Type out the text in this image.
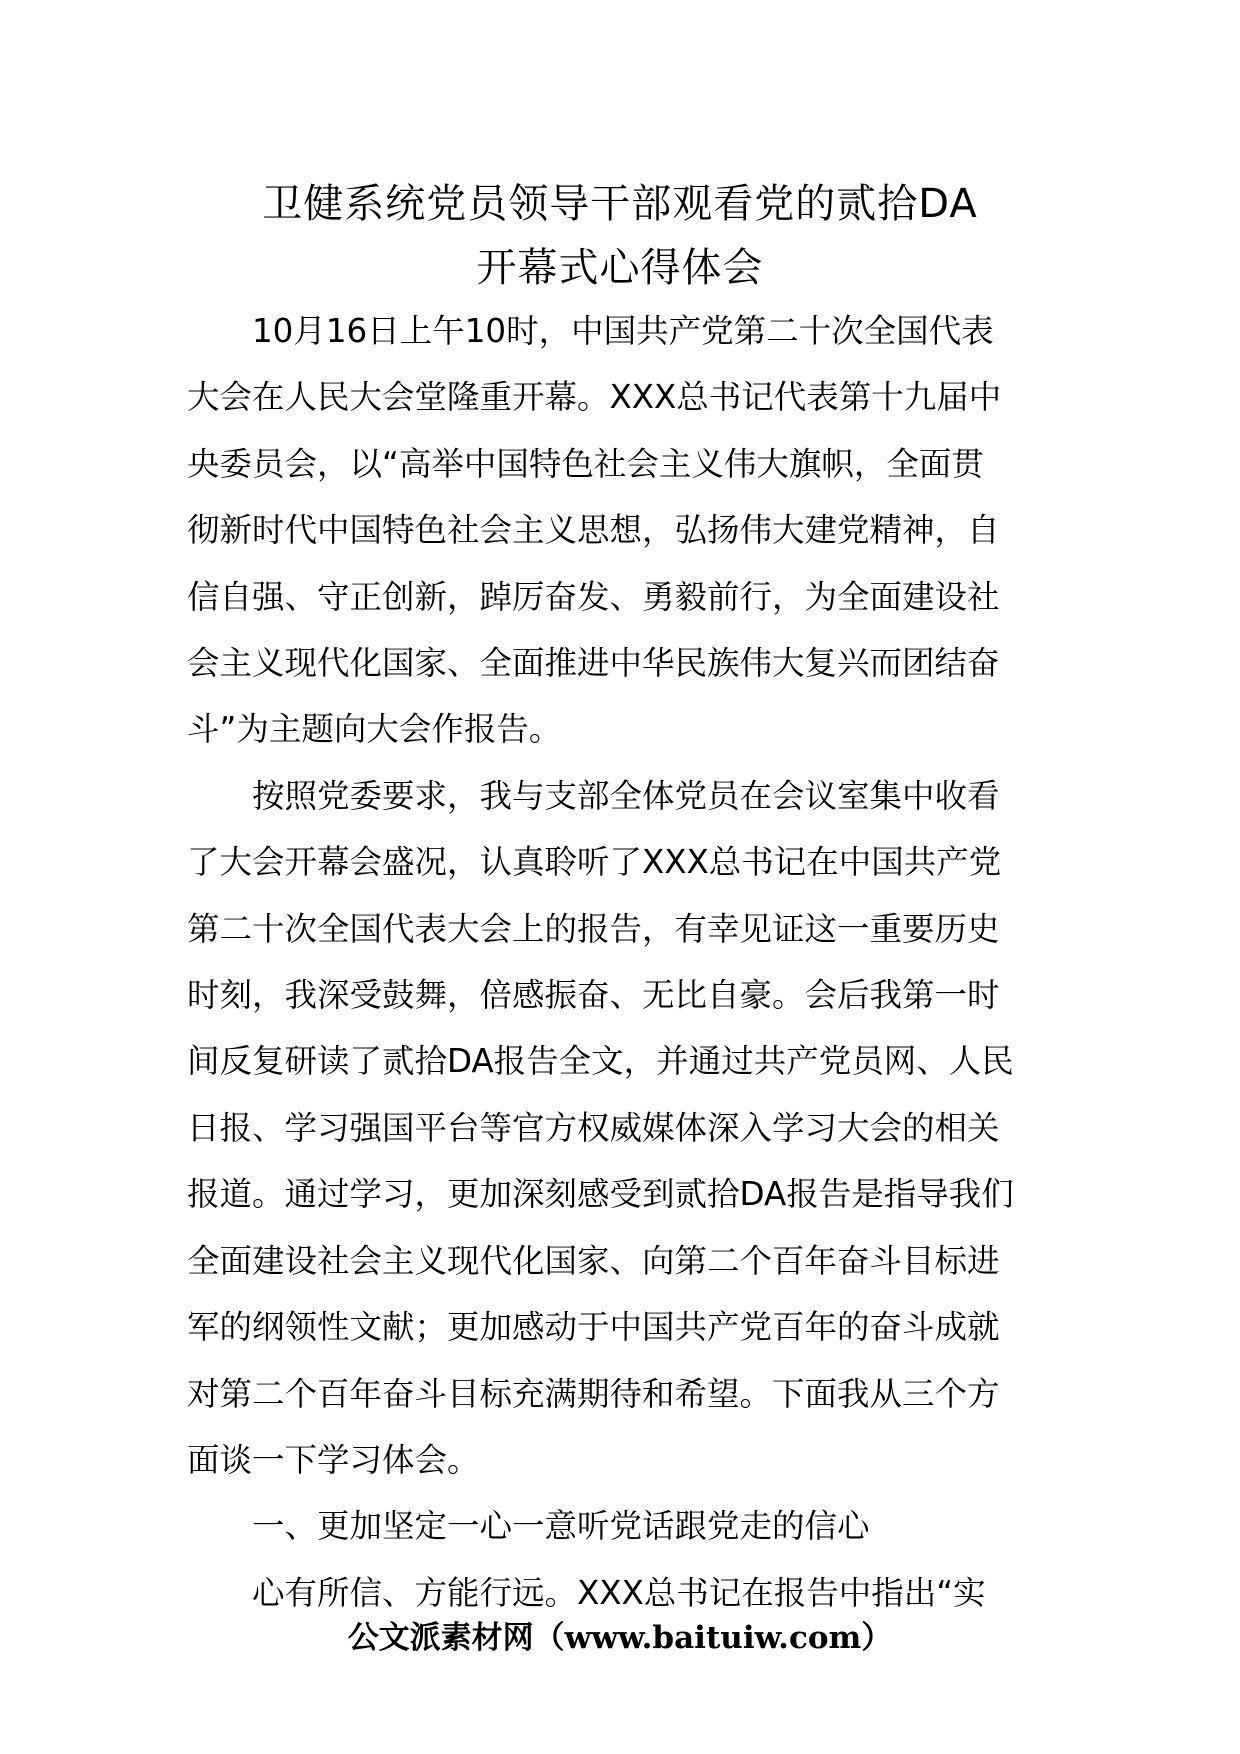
卫健系统党员领导干部观看党的贰拾DA
开幕式心得体会
10月16日上午10时，中国共产党第二十次全国代表
大会在人民大会堂隆重开幕。XXX总书记代表第十九届中
央委员会，以“高举中国特色社会主义伟大旗帜，全面贯
彻新时代中国特色社会主义思想，弘扬伟大建党精神，自
信自强、守正创新，踔厉奋发、勇毅前行，为全面建设社
会主义现代化国家、全面推进中华民族伟大复兴而团结奋
斗”为主题向大会作报告。
按照党委要求，我与支部全体党员在会议室集中收看
了大会开幕会盛况，认真聆听了XXX总书记在中国共产党
第二十次全国代表大会上的报告，有幸见证这一重要历史
时刻，我深受鼓舞，倍感振奋、无比自豪。会后我第一时
间反复研读了贰拾DA报告全文，并通过共产党员网、人民
日报、学习强国平台等官方权威媒体深入学习大会的相关
报道。通过学习，更加深刻感受到贰拾DA报告是指导我们
全面建设社会主义现代化国家、向第二个百年奋斗目标进
军的纲领性文献；更加感动于中国共产党百年的奋斗成就
对第二个百年奋斗目标充满期待和希望。下面我从三个方
面谈一下学习体会。
一、更加坚定一心一意听党话跟党走的信心
心有所信、方能行远。XXX总书记在报告中指出“实
公文派素材网（www.baituiw.com）
